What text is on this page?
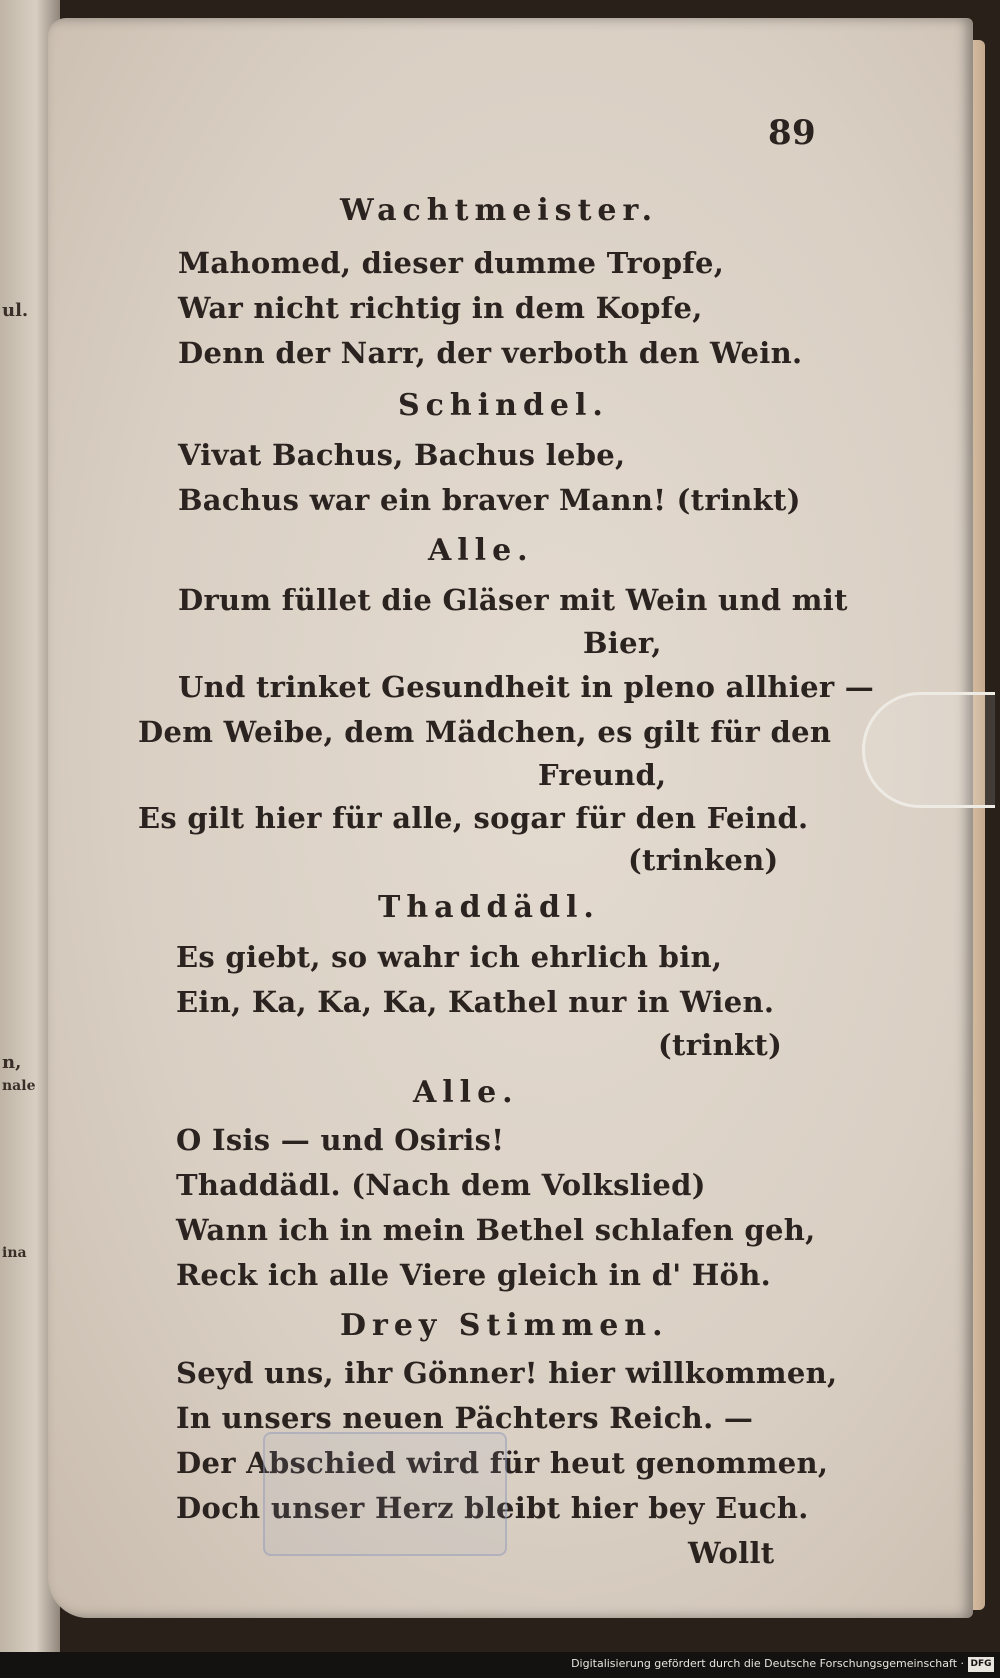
ul.
n,
nale
ina
89
Wachtmeister.
Mahomed, dieser dumme Tropfe,
War nicht richtig in dem Kopfe,
Denn der Narr, der verboth den Wein.
Schindel.
Vivat Bachus, Bachus lebe,
Bachus war ein braver Mann! (trinkt)
Alle.
Drum füllet die Gläser mit Wein und mit
Bier,
Und trinket Gesundheit in pleno allhier —
Dem Weibe, dem Mädchen, es gilt für den
Freund,
Es gilt hier für alle, sogar für den Feind.
(trinken)
Thaddädl.
Es giebt, so wahr ich ehrlich bin,
Ein, Ka, Ka, Ka, Kathel nur in Wien.
(trinkt)
Alle.
O Isis — und Osiris!
Thaddädl. (Nach dem Volkslied)
Wann ich in mein Bethel schlafen geh,
Reck ich alle Viere gleich in d' Höh.
Drey Stimmen.
Seyd uns, ihr Gönner! hier willkommen,
In unsers neuen Pächters Reich. —
Der Abschied wird für heut genommen,
Doch unser Herz bleibt hier bey Euch.
Wollt
Digitalisierung gefördert durch die Deutsche Forschungsgemeinschaft · DFG
